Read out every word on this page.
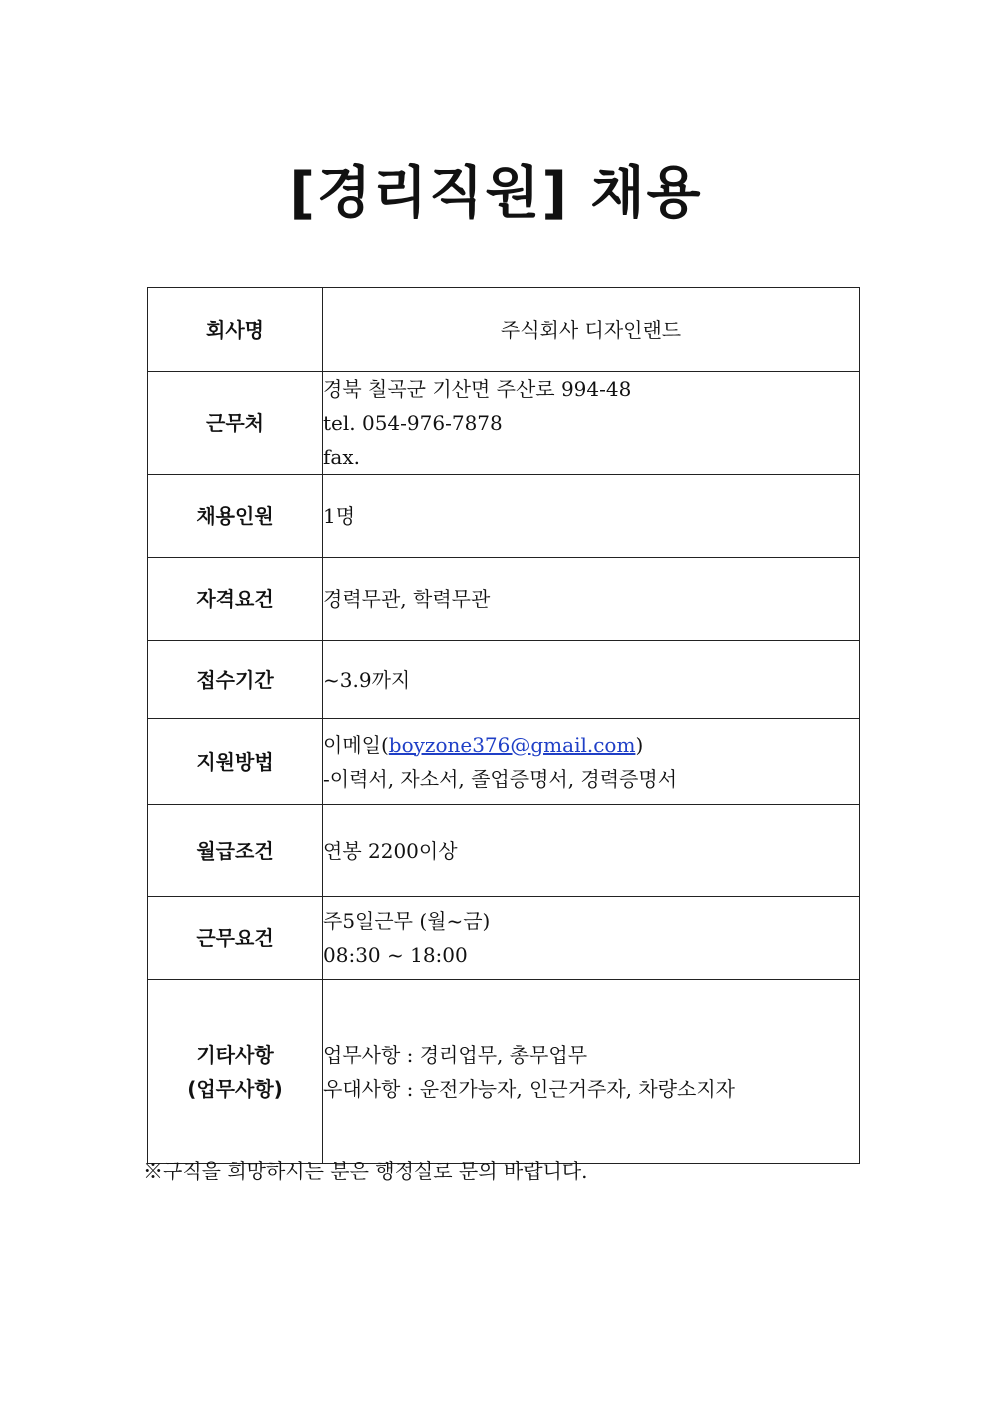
[경리직원] 채용
회사명	주식회사 디자인랜드
근무처	경북 칠곡군 기산면 주산로 994-48
tel. 054-976-7878
fax.

채용인원	1명
자격요건	경력무관, 학력무관
접수기간	~3.9까지
지원방법	이메일(boyzone376@gmail.com)
-이력서, 자소서, 졸업증명서, 경력증명서

월급조건	연봉 2200이상
근무요건	주5일근무 (월~금)
08:30 ~ 18:00

기타사항
(업무사항)	업무사항 : 경리업무, 총무업무
우대사항 : 운전가능자, 인근거주자, 차량소지자
※구직을 희망하시는 분은 행정실로 문의 바랍니다.
